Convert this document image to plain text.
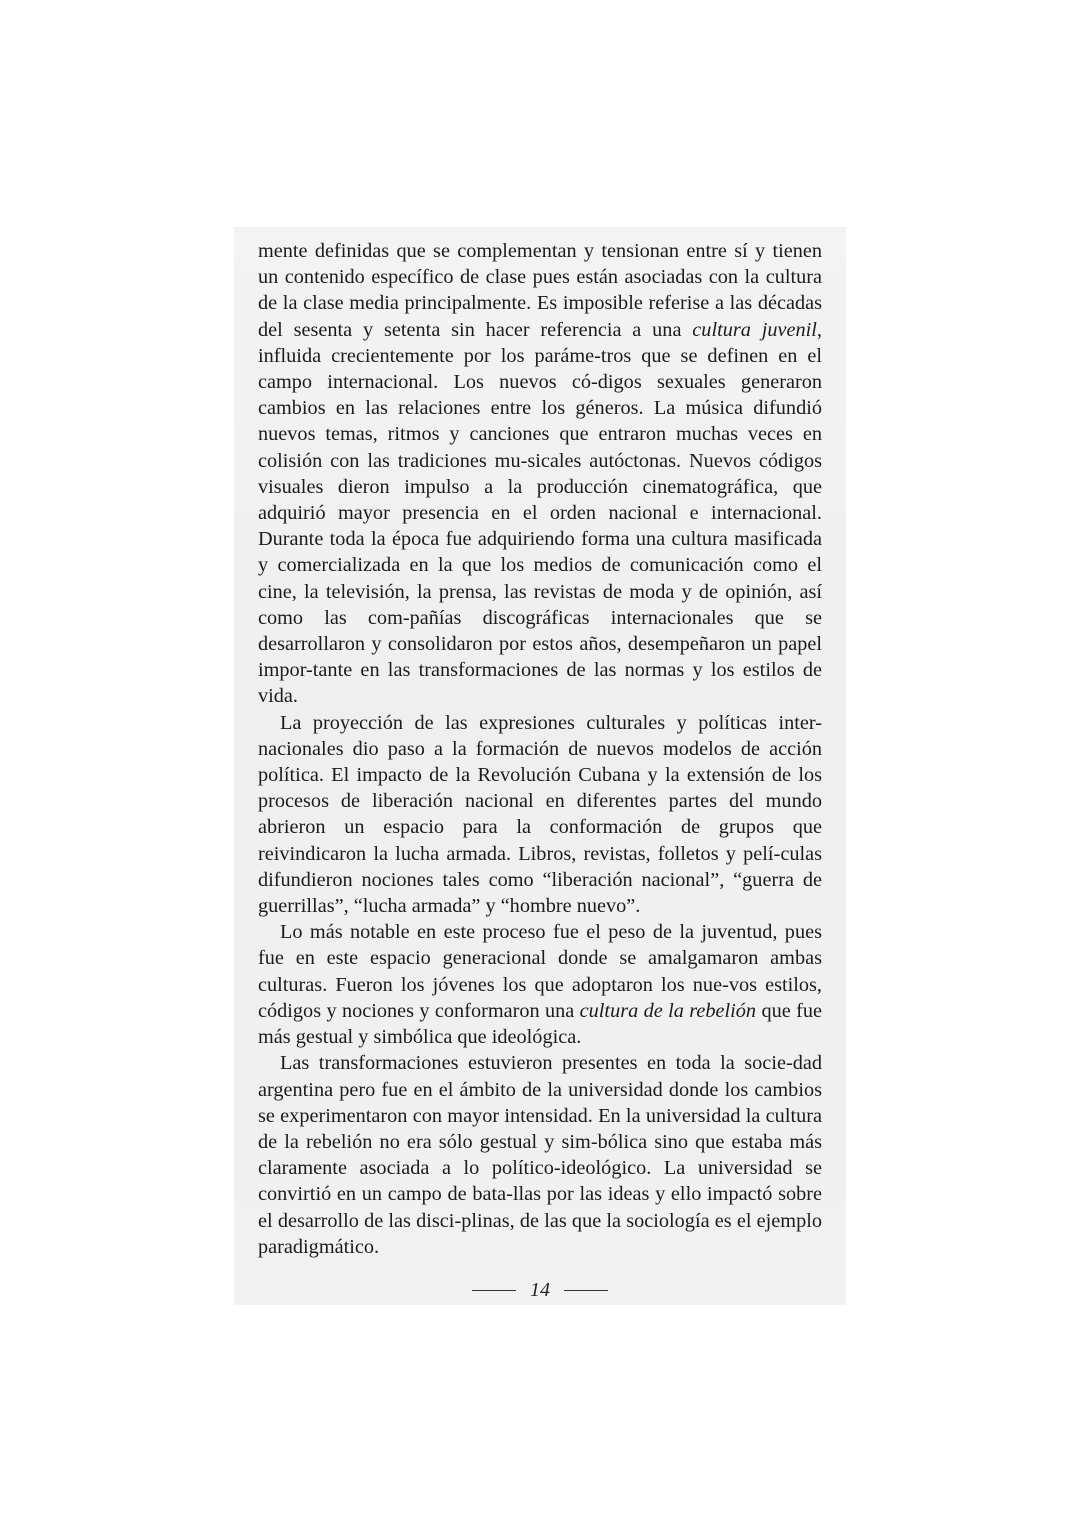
mente definidas que se complementan y tensionan entre sí y tienen un contenido específico de clase pues están asociadas con la cultura de la clase media principalmente. Es imposible referise a las décadas del sesenta y setenta sin hacer referencia a una cultura juvenil, influida crecientemente por los paráme-tros que se definen en el campo internacional. Los nuevos có-digos sexuales generaron cambios en las relaciones entre los géneros. La música difundió nuevos temas, ritmos y canciones que entraron muchas veces en colisión con las tradiciones mu-sicales autóctonas. Nuevos códigos visuales dieron impulso a la producción cinematográfica, que adquirió mayor presencia en el orden nacional e internacional. Durante toda la época fue adquiriendo forma una cultura masificada y comercializada en la que los medios de comunicación como el cine, la televisión, la prensa, las revistas de moda y de opinión, así como las com-pañías discográficas internacionales que se desarrollaron y consolidaron por estos años, desempeñaron un papel impor-tante en las transformaciones de las normas y los estilos de vida.

La proyección de las expresiones culturales y políticas inter-nacionales dio paso a la formación de nuevos modelos de acción política. El impacto de la Revolución Cubana y la extensión de los procesos de liberación nacional en diferentes partes del mundo abrieron un espacio para la conformación de grupos que reivindicaron la lucha armada. Libros, revistas, folletos y pelí-culas difundieron nociones tales como “liberación nacional”, “guerra de guerrillas”, “lucha armada” y “hombre nuevo”.

Lo más notable en este proceso fue el peso de la juventud, pues fue en este espacio generacional donde se amalgamaron ambas culturas. Fueron los jóvenes los que adoptaron los nue-vos estilos, códigos y nociones y conformaron una cultura de la rebelión que fue más gestual y simbólica que ideológica.

Las transformaciones estuvieron presentes en toda la socie-dad argentina pero fue en el ámbito de la universidad donde los cambios se experimentaron con mayor intensidad. En la universidad la cultura de la rebelión no era sólo gestual y sim-bólica sino que estaba más claramente asociada a lo político-ideológico. La universidad se convirtió en un campo de bata-llas por las ideas y ello impactó sobre el desarrollo de las disci-plinas, de las que la sociología es el ejemplo paradigmático.

14
